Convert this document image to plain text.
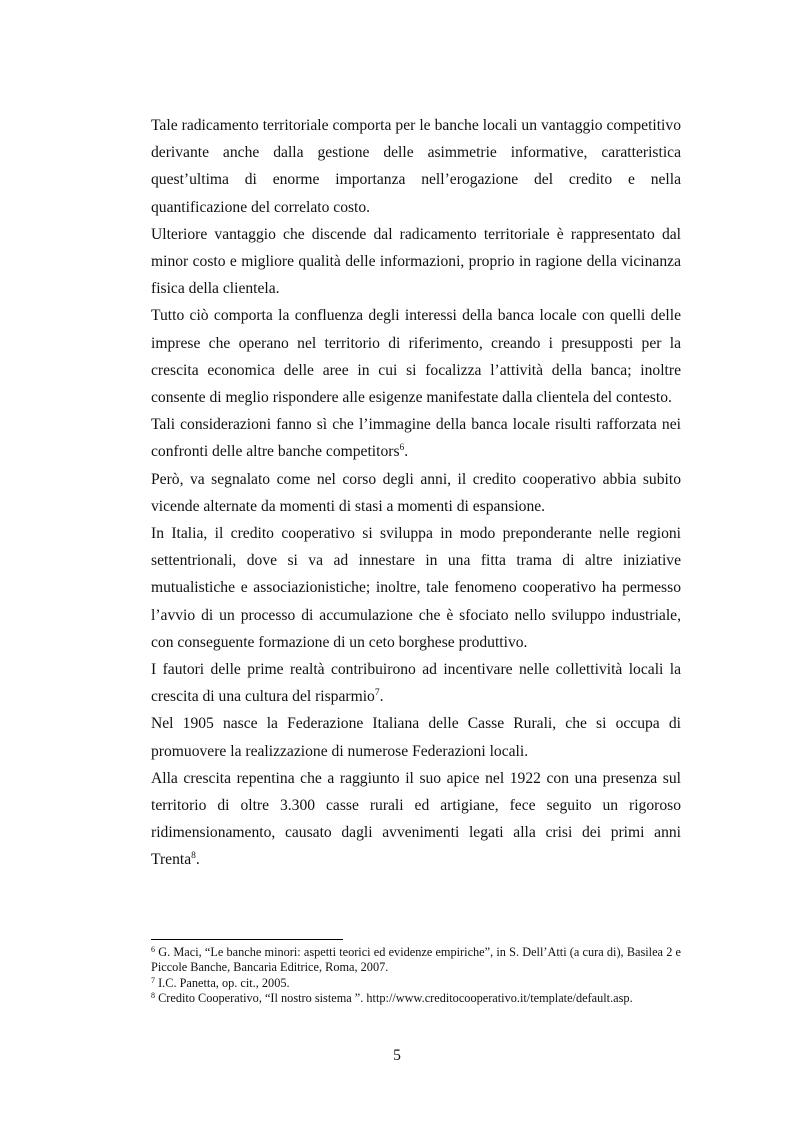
Tale radicamento territoriale comporta per le banche locali un vantaggio competitivo derivante anche dalla gestione delle asimmetrie informative, caratteristica quest’ultima di enorme importanza nell’erogazione del credito e nella quantificazione del correlato costo.

Ulteriore vantaggio che discende dal radicamento territoriale è rappresentato dal minor costo e migliore qualità delle informazioni, proprio in ragione della vicinanza fisica della clientela.

Tutto ciò comporta la confluenza degli interessi della banca locale con quelli delle imprese che operano nel territorio di riferimento, creando i presupposti per la crescita economica delle aree in cui si focalizza l’attività della banca; inoltre consente di meglio rispondere alle esigenze manifestate dalla clientela del contesto.

Tali considerazioni fanno sì che l’immagine della banca locale risulti rafforzata nei confronti delle altre banche competitors$^6$.

Però, va segnalato come nel corso degli anni, il credito cooperativo abbia subito vicende alternate da momenti di stasi a momenti di espansione.

In Italia, il credito cooperativo si sviluppa in modo preponderante nelle regioni settentrionali, dove si va ad innestare in una fitta trama di altre iniziative mutualistiche e associazionistiche; inoltre, tale fenomeno cooperativo ha permesso l’avvio di un processo di accumulazione che è sfociato nello sviluppo industriale, con conseguente formazione di un ceto borghese produttivo.

I fautori delle prime realtà contribuirono ad incentivare nelle collettività locali la crescita di una cultura del risparmio$^7$.

Nel 1905 nasce la Federazione Italiana delle Casse Rurali, che si occupa di promuovere la realizzazione di numerose Federazioni locali.

Alla crescita repentina che a raggiunto il suo apice nel 1922 con una presenza sul territorio di oltre 3.300 casse rurali ed artigiane, fece seguito un rigoroso ridimensionamento, causato dagli avvenimenti legati alla crisi dei primi anni Trenta$^8$.

$^6$ G. Maci, “Le banche minori: aspetti teorici ed evidenze empiriche”, in S. Dell’Atti (a cura di), Basilea 2 e Piccole Banche, Bancaria Editrice, Roma, 2007.

$^7$ I.C. Panetta, op. cit., 2005.

$^8$ Credito Cooperativo, “Il nostro sistema ”. http://www.creditocooperativo.it/template/default.asp.

5
